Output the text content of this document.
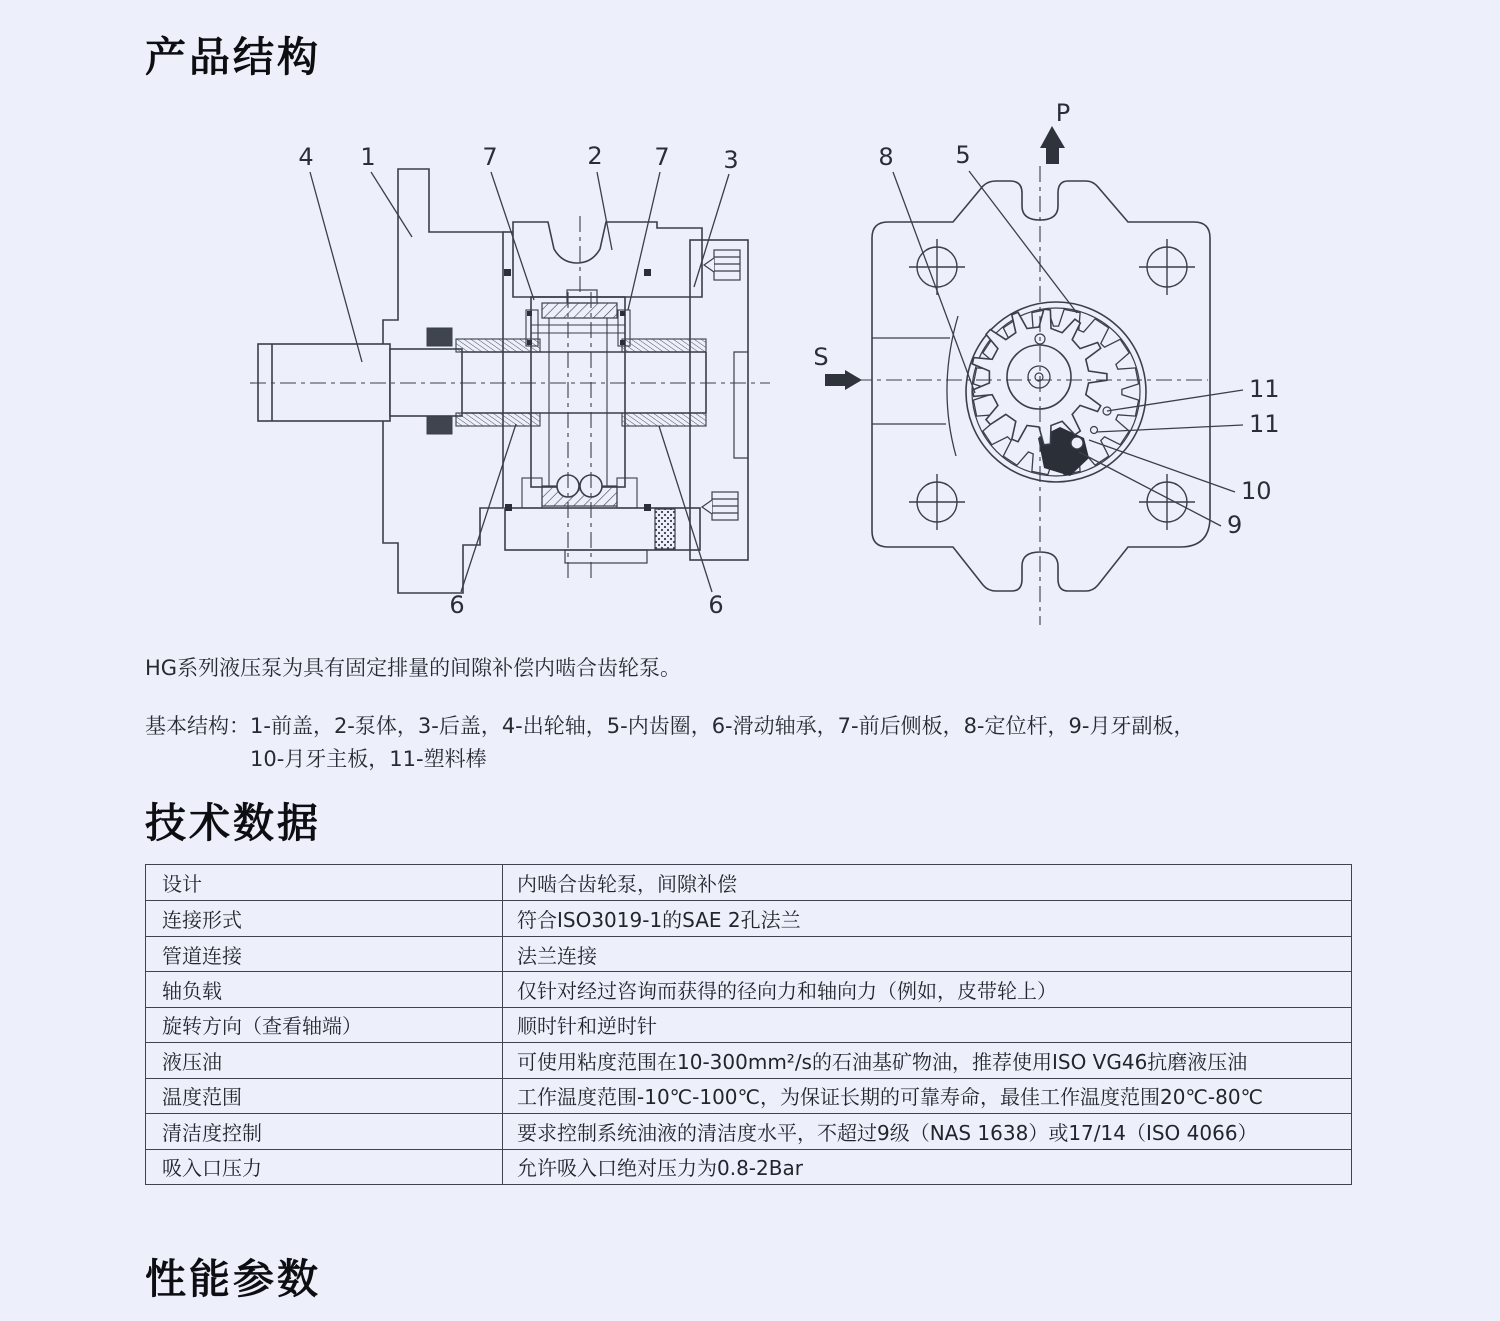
产品结构
4 1	7	2 7 3
6	6
8	5
11
11
10
9
P
S
HG系列液压泵为具有固定排量的间隙补偿内啮合齿轮泵。
基本结构： 1-前盖，2-泵体，3-后盖，4-出轮轴，5-内齿圈，6-滑动轴承，7-前后侧板，8-定位杆，9-月牙副板，
10-月牙主板，11-塑料棒
技术数据
设计	内啮合齿轮泵，间隙补偿
连接形式	符合ISO3019-1的SAE 2孔法兰
管道连接	法兰连接
轴负载	仅针对经过咨询而获得的径向力和轴向力（例如，皮带轮上）
旋转方向（查看轴端）	顺时针和逆时针
液压油	可使用粘度范围在10-300mm²/s的石油基矿物油，推荐使用ISO VG46抗磨液压油
温度范围	工作温度范围-10℃-100℃，为保证长期的可靠寿命，最佳工作温度范围20℃-80℃
清洁度控制	要求控制系统油液的清洁度水平，不超过9级（NAS 1638）或17/14（ISO 4066）
吸入口压力	允许吸入口绝对压力为0.8-2Bar
性能参数
